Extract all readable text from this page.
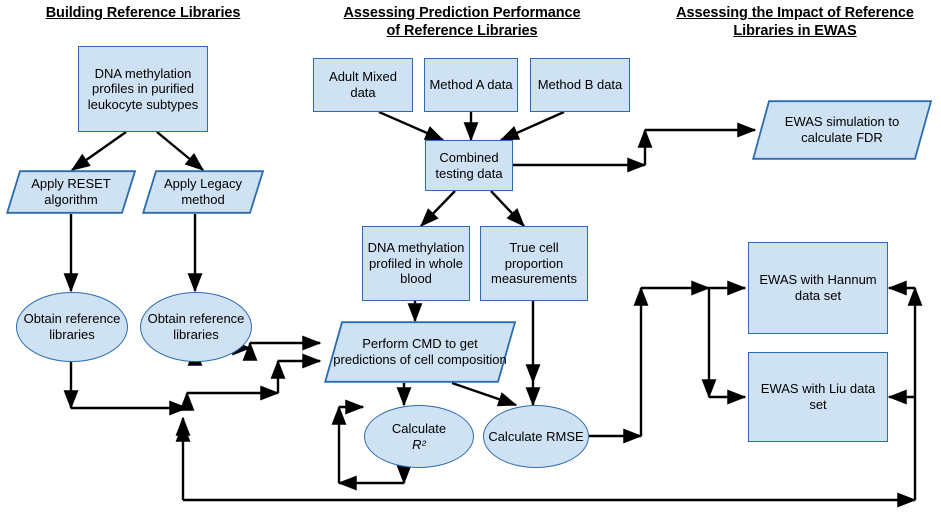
Building Reference Libraries	Assessing Prediction Performance
of Reference Libraries
Assessing the Impact of Reference
Libraries in EWAS
DNA methylation profiles in purified leukocyte subtypes
Apply RESET algorithm
Apply Legacy method
Obtain reference libraries
Obtain reference libraries
Adult Mixed data
Method A data	Method B data
Combined testing data
DNA methylation profiled in whole blood
True cell proportion measurements
Perform CMD to get predictions of cell composition
Calculate
R²
Calculate RMSE
EWAS simulation to calculate FDR
EWAS with Hannum data set
EWAS with Liu data set
